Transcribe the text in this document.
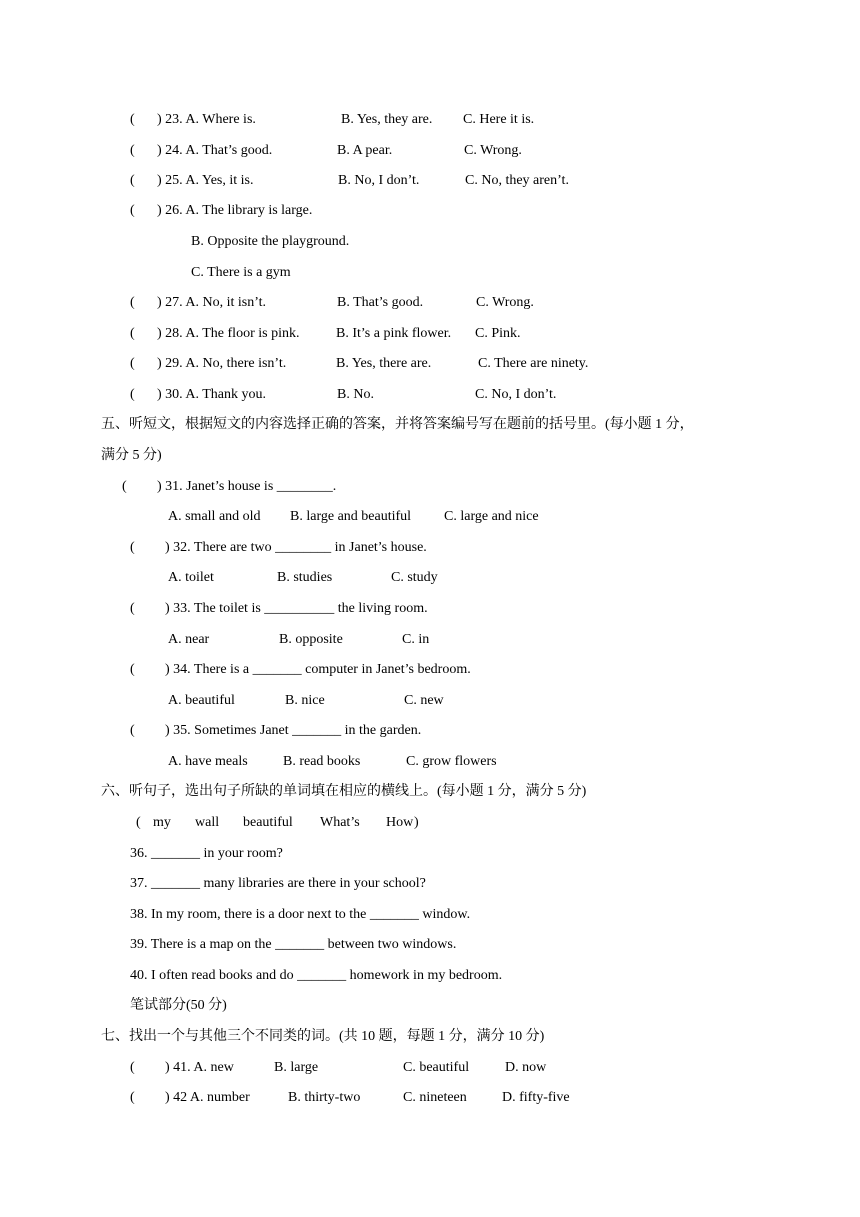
(

) 23. A. Where is.

	B. Yes, they are.

C. Here it is.

(

) 24. A. That’s good.

	B. A pear.

	C. Wrong.

(

) 25. A. Yes, it is.

	B. No, I don’t.

	C. No, they aren’t.

(

) 26. A. The library is large.

B. Opposite the playground.

C. There is a gym

(

) 27. A. No, it isn’t.

	B. That’s good.

	C. Wrong.

(

) 28. A. The floor is pink.

	B. It’s a pink flower.

C. Pink.

(

) 29. A. No, there isn’t.

	B. Yes, there are.

	C. There are ninety.

(

) 30. A. Thank you.

	B. No.

	C. No, I don’t.

五、听短文，根据短文的内容选择正确的答案，并将答案编号写在题前的括号里。(每小题 1 分，

满分 5 分)

(

) 31. Janet’s house is ________.

A. small and old

B. large and beautiful

C. large and nice

(

) 32. There are two ________ in Janet’s house.

A. toilet

	B. studies

	C. study

(

) 33. The toilet is __________ the living room.

A. near

	B. opposite

	C. in

(

) 34. There is a _______ computer in Janet’s bedroom.

A. beautiful

	B. nice

	C. new

(

) 35. Sometimes Janet _______ in the garden.

A. have meals

	B. read books

	C. grow flowers

六、听句子，选出句子所缺的单词填在相应的横线上。(每小题 1 分，满分 5 分)

(

my

wall

beautiful

What’s

How

)

36. _______ in your room?

37. _______ many libraries are there in your school?

38. In my room, there is a door next to the _______ window.

39. There is a map on the _______ between two windows.

40. I often read books and do _______ homework in my bedroom.

笔试部分(50 分)

七、找出一个与其他三个不同类的词。(共 10 题，每题 1 分，满分 10 分)

(

) 41. A. new

	B. large

	C. beautiful

	D. now

(

) 42 A. number

	B. thirty-two

	C. nineteen

	D. fifty-five
